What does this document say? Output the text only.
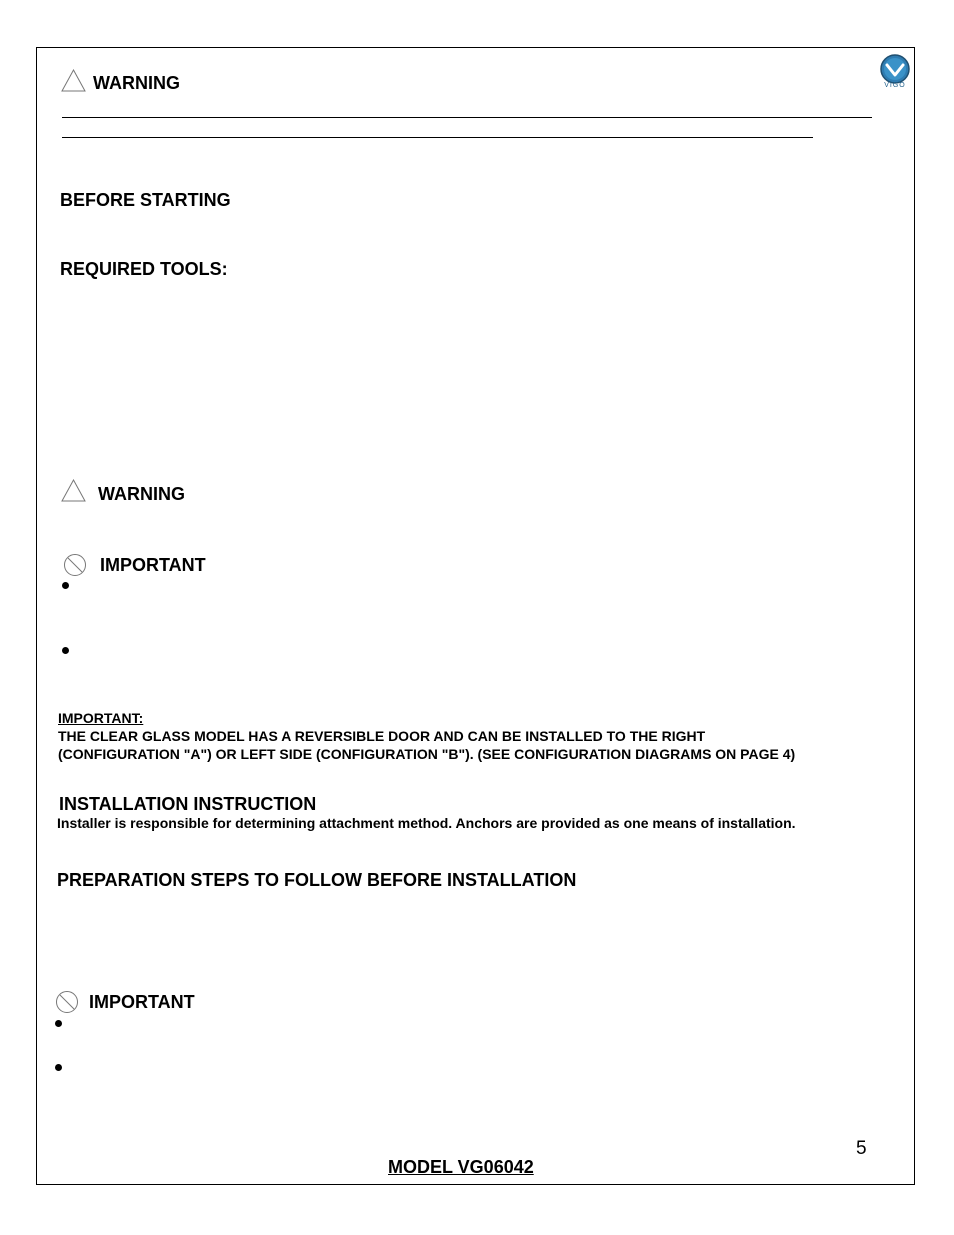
VIGO
WARNING
BEFORE STARTING
REQUIRED TOOLS:
WARNING
IMPORTANT
IMPORTANT:
THE CLEAR GLASS MODEL HAS A REVERSIBLE DOOR AND CAN BE INSTALLED TO THE RIGHT
(CONFIGURATION "A") OR LEFT SIDE (CONFIGURATION "B"). (SEE CONFIGURATION DIAGRAMS ON PAGE 4)
INSTALLATION INSTRUCTION
Installer is responsible for determining attachment method. Anchors are provided as one means of installation.
PREPARATION STEPS TO FOLLOW BEFORE INSTALLATION
IMPORTANT
5
MODEL VG06042
